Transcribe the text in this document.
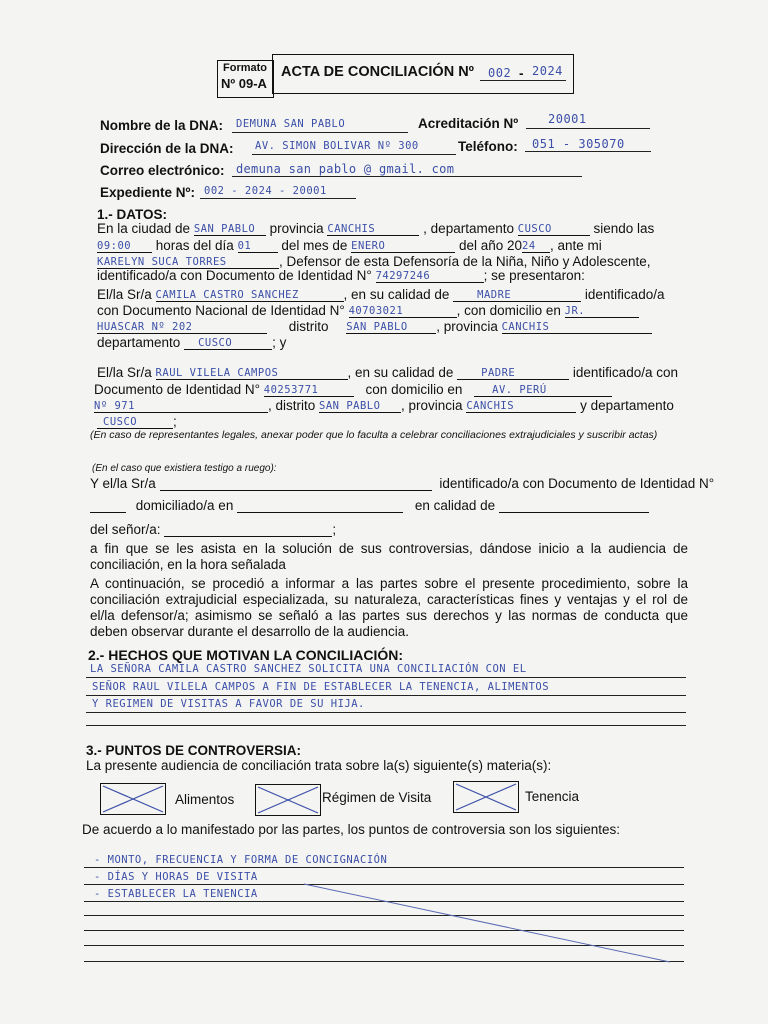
Formato
Nº 09-A
ACTA DE CONCILIACIÓN Nº 002 - 2024
Nombre de la DNA: DEMUNA SAN PABLO	Acreditación Nº 20001
Dirección de la DNA: AV. SIMON BOLIVAR Nº 300	Teléfono: 051 - 305070
Correo electrónico: demuna san pablo @ gmail. com
Expediente Nº: 002 - 2024 - 20001
1.- DATOS:
En la ciudad de SAN PABLO provincia CANCHIS	, departamento CUSCO	siendo las
09:00 horas del día 01 del mes de ENERO	del año 2024 , ante mi
KARELYN SUCA TORRES	, Defensor de esta Defensoría de la Niña, Niño y Adolescente,
identificado/a con Documento de Identidad N° 74297246	; se presentaron:
El/la Sr/a CAMILA CASTRO SANCHEZ	, en su calidad de	MADRE	identificado/a
con Documento Nacional de Identidad N° 40703021	, con domicilio en JR.
HUASCAR Nº 202	distrito SAN PABLO , provincia CANCHIS
departamento CUSCO	; y
El/la Sr/a RAUL VILELA CAMPOS	, en su calidad de	PADRE	identificado/a con
Documento de Identidad N° 40253771	con domicilio en	AV. PERÚ
Nº 971	, distrito SAN PABLO , provincia CANCHIS	y departamento
CUSCO	;

(En caso de representantes legales, anexar poder que lo faculta a celebrar conciliaciones extrajudiciales y suscribir actas)

(En el caso que existiera testigo a ruego):
Y el/la Sr/a	identificado/a con Documento de Identidad N°
domiciliado/a en	en calidad de
del señor/a:	;

a fin que se les asista en la solución de sus controversias, dándose inicio a la audiencia de conciliación, en la hora señalada

A continuación, se procedió a informar a las partes sobre el presente procedimiento, sobre la conciliación extrajudicial especializada, su naturaleza, características fines y ventajas y el rol de el/la defensor/a; asimismo se señaló a las partes sus derechos y las normas de conducta que deben observar durante el desarrollo de la audiencia.

2.- HECHOS QUE MOTIVAN LA CONCILIACIÓN:
LA SEÑORA CAMILA CASTRO SANCHEZ SOLICITA UNA CONCILIACIÓN CON EL
SEÑOR RAUL VILELA CAMPOS A FIN DE ESTABLECER LA TENENCIA, ALIMENTOS
Y REGIMEN DE VISITAS A FAVOR DE SU HIJA.
3.- PUNTOS DE CONTROVERSIA:
La presente audiencia de conciliación trata sobre la(s) siguiente(s) materia(s):
Alimentos	Régimen de Visita	Tenencia
De acuerdo a lo manifestado por las partes, los puntos de controversia son los siguientes:
- MONTO, FRECUENCIA Y FORMA DE CONCIGNACIÓN
- DÍAS Y HORAS DE VISITA
- ESTABLECER LA TENENCIA
